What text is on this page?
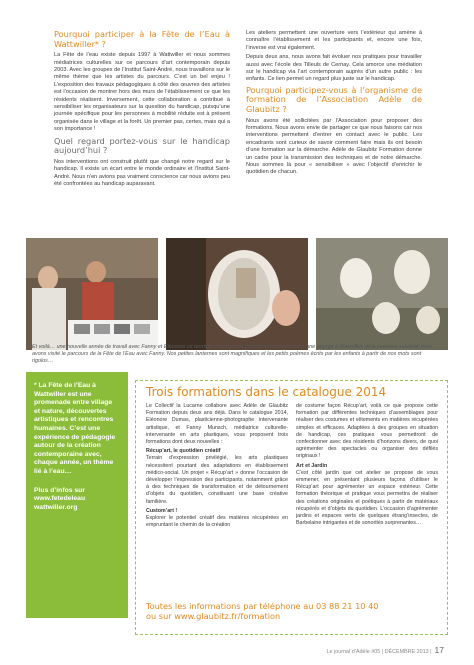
Pourquoi participer à la Fête de l’Eau à Wattwiller* ?

La Fête de l’eau existe depuis 1997 à Wattwiller et nous sommes médiatrices culturelles sur ce parcours d’art contemporain depuis 2003. Avec les groupes de l’Institut Saint-André, nous travaillons sur le même thème que les artistes du parcours. C’est un bel enjeu ! L’exposition des travaux pédagogiques à côté des œuvres des artistes est l’occasion de montrer hors des murs de l’établissement ce que les résidents réalisent. Inversement, cette collaboration a contribué à sensibiliser les organisateurs sur la question du handicap, puisqu’une journée spécifique pour les personnes à mobilité réduite est à présent organisée dans le village et la forêt. Un premier pas, certes, mais qui a son importance !

Quel regard portez-vous sur le handicap aujourd’hui ?

Nos interventions ont construit plutôt que changé notre regard sur le handicap. Il existe un écart entre le monde ordinaire et l’Institut Saint-André. Nous n’en avions pas vraiment conscience car nous avions peu été confrontées au handicap auparavant.

Les ateliers permettent une ouverture vers l’extérieur qui amène à connaître l’établissement et les participants et, encore une fois, l’inverse est vrai également.

Depuis deux ans, nous avons fait évoluer nos pratiques pour travailler aussi avec l’école des Tilleuls de Cernay. Cela amorce une médiation sur le handicap via l’art contemporain auprès d’un autre public : les enfants. Ce lien permet un regard plus juste sur le handicap.

Pourquoi participez-vous à l’organisme de formation de l’Association Adèle de Glaubitz ?

Nous avons été sollicitées par l’Association pour proposer des formations. Nous avons envie de partager ce que nous faisons car nos interventions permettent d’entrer en contact avec le public. Les encadrants sont curieux de savoir comment faire mais ils ont besoin d’une formation sur la démarche. Adèle de Glaubitz Formation donne un cadre pour la transmission des techniques et de notre démarche. Nous sommes là pour « sensibiliser » avec l’objectif d’enrichir le quotidien de chacun.

Et voilà… une nouvelle année de travail avec Fanny et Eléonore se termine. Nous avons installé notre travail dans une grange à Wattwiller, et la semaine suivante nous avons visité le parcours de la Fête de l’Eau avec Fanny. Nos petites lanternes sont magnifiques et les petits poèmes écrits par les enfants à partir de nos mots sont rigolos…
* La Fête de l’Eau à Wattwiller est une promenade entre village et nature, découvertes artistiques et rencontres humaines. C’est une expérience de pédagogie autour de la création contemporaine avec, chaque année, un thème lié à l’eau…
Plus d’infos sur
www.fetedeleau wattwiller.org
Trois formations dans le catalogue 2014

Le Collectif la Lucarne collabore avec Adèle de Glaubitz Formation depuis deux ans déjà. Dans le catalogue 2014, Eléonore Dumas, plasticienne-photographe intervenante artistique, et Fanny Munsch, médiatrice culturelle-intervenante en arts plastiques, vous proposent trois formations dont deux nouvelles :

Récup’art, le quotidien créatif

Terrain d’expression privilégié, les arts plastiques nécessitent pourtant des adaptations en établissement médico-social. Un projet « Récup’art » donne l’occasion de développer l’expression des participants, notamment grâce à des techniques de transformation et de détournement d’objets du quotidien, constituant une base créative familière.

Custom’art !

Explorer le potentiel créatif des matières récupérées en empruntant le chemin de la création

de costume façon Récup’art, voilà ce que propose cette formation par différentes techniques d’assemblages pour réaliser des costumes et vêtements en matières récupérées simples et efficaces. Adaptées à des groupes en situation de handicap, ces pratiques vous permettront de confectionner avec des résidents d’horizons divers, de quoi agrémenter des spectacles ou organiser des défilés originaux !

Art et Jardin

C’est côté jardin que cet atelier se propose de vous emmener, en présentant plusieurs façons d’utiliser le Récup’art pour agrémenter un espace extérieur. Cette formation théorique et pratique vous permettra de réaliser des créations originales et poétiques à partir de matériaux récupérés et d’objets du quotidien. L’occasion d’agrémenter jardins et espaces verts de quelques étrang’insectes, de Barbelaine intrigantes et de sonorités surprenantes…

Toutes les informations par téléphone au 03 88 21 10 40
ou sur www.glaubitz.fr/formation
Le journal d’Adèle #05 | DÉCEMBRE 2013 | 17
